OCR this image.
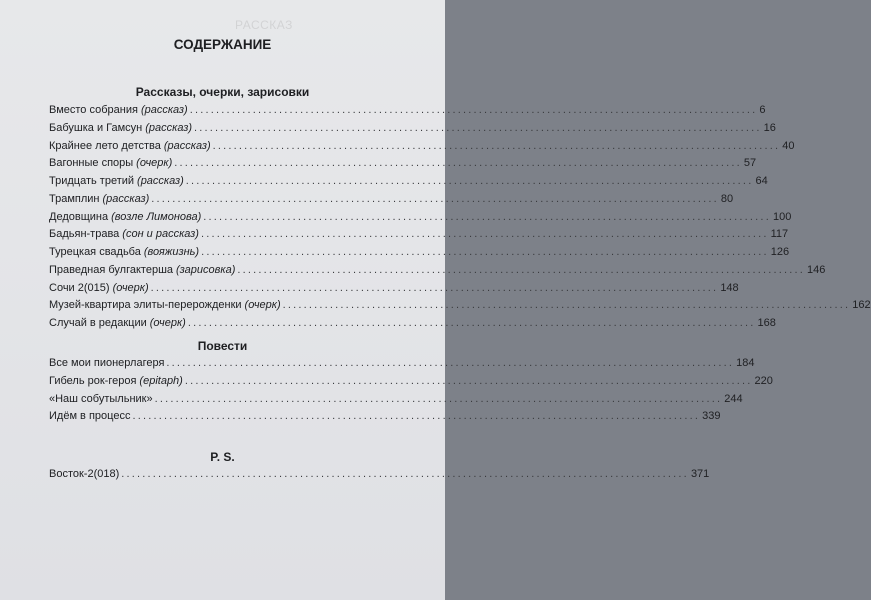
РАССКАЗ
СОДЕРЖАНИЕ
Рассказы, очерки, зарисовки
Вместо собрания (рассказ) ............................................................................................................ 6
Бабушка и Гамсун (рассказ) ............................................................................................................ 16
Крайнее лето детства (рассказ) ............................................................................................................ 40
Вагонные споры (очерк) ............................................................................................................ 57
Тридцать третий (рассказ) ............................................................................................................ 64
Трамплин (рассказ) ............................................................................................................ 80
Дедовщина (возле Лимонова) ............................................................................................................ 100
Бадьян-трава (сон и рассказ) ............................................................................................................ 117
Турецкая свадьба (вояжизнь) ............................................................................................................ 126
Праведная булгактерша (зарисовка) ............................................................................................................ 146
Сочи 2(015) (очерк) ............................................................................................................ 148
Музей-квартира элиты-перерожденки (очерк) ............................................................................................................ 162
Случай в редакции (очерк) ............................................................................................................ 168
Повести
Все мои пионерлагеря ............................................................................................................ 184
Гибель рок-героя (epitaph) ............................................................................................................ 220
«Наш собутыльник» ............................................................................................................ 244
Идём в процесс ............................................................................................................ 339
P. S.
Восток-2(018) ............................................................................................................ 371
